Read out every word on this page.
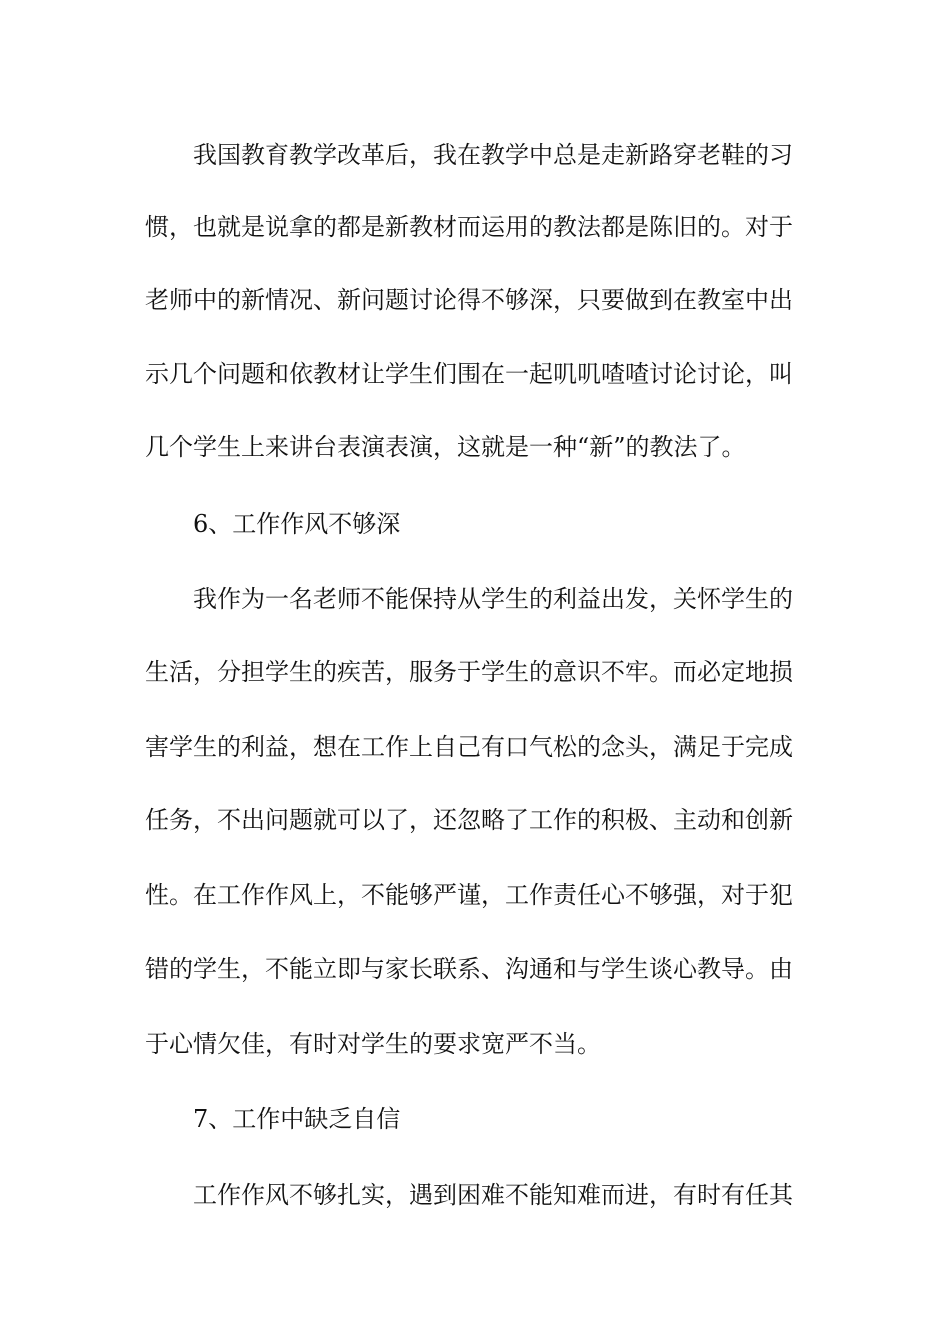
我国教育教学改革后，我在教学中总是走新路穿老鞋的习
惯，也就是说拿的都是新教材而运用的教法都是陈旧的。对于
老师中的新情况、新问题讨论得不够深，只要做到在教室中出
示几个问题和依教材让学生们围在一起叽叽喳喳讨论讨论，叫
几个学生上来讲台表演表演，这就是一种“新”的教法了。
6、工作作风不够深
我作为一名老师不能保持从学生的利益出发，关怀学生的
生活，分担学生的疾苦，服务于学生的意识不牢。而必定地损
害学生的利益，想在工作上自己有口气松的念头，满足于完成
任务，不出问题就可以了，还忽略了工作的积极、主动和创新
性。在工作作风上，不能够严谨，工作责任心不够强，对于犯
错的学生，不能立即与家长联系、沟通和与学生谈心教导。由
于心情欠佳，有时对学生的要求宽严不当。
7、工作中缺乏自信
工作作风不够扎实，遇到困难不能知难而进，有时有任其
